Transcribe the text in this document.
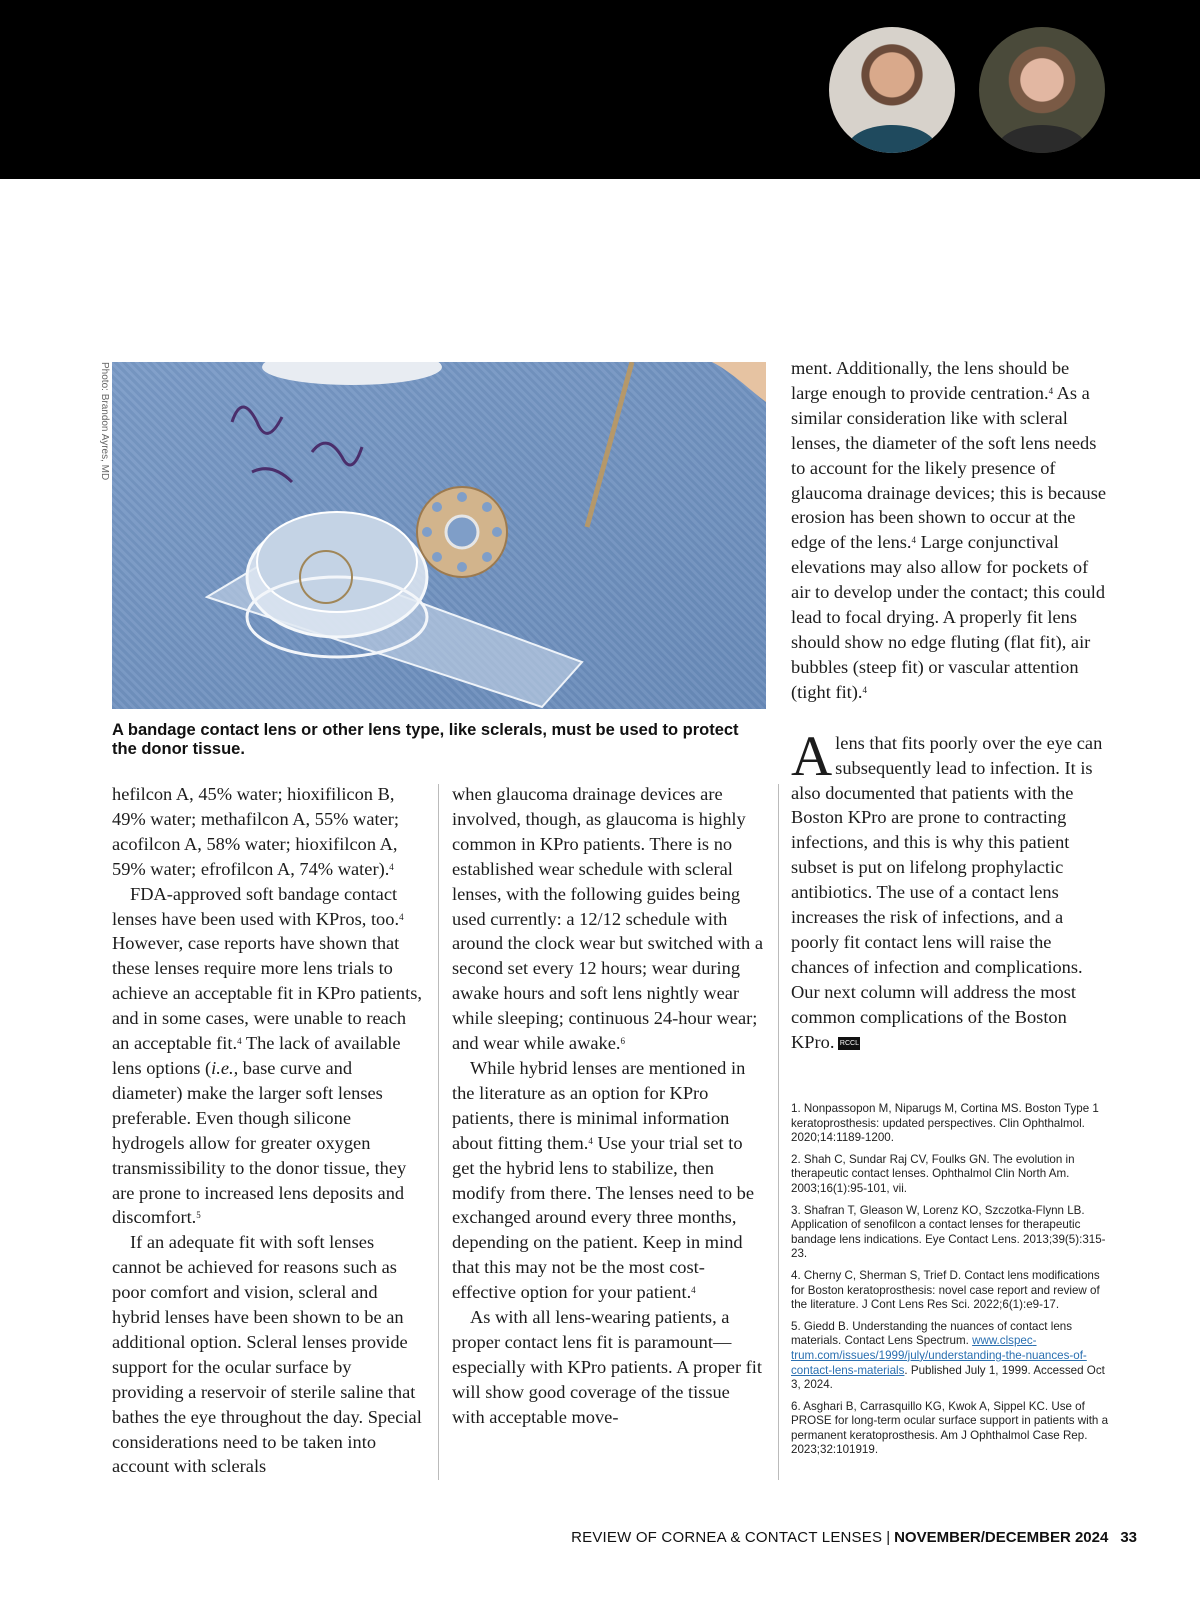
Photo: Brandon Ayres, MD
A bandage contact lens or other lens type, like sclerals, must be used to protect the donor tissue.

hefilcon A, 45% water; hioxifilicon B, 49% water; methafilcon A, 55% water; acofilcon A, 58% water; hioxifilcon A, 59% water; efrofilcon A, 74% water).$^4$

FDA-approved soft bandage contact lenses have been used with KPros, too.$^4$ However, case reports have shown that these lenses require more lens trials to achieve an acceptable fit in KPro patients, and in some cases, were unable to reach an acceptable fit.$^4$ The lack of available lens options (i.e., base curve and diameter) make the larger soft lenses preferable. Even though silicone hydrogels allow for greater oxygen transmissibility to the donor tissue, they are prone to increased lens deposits and discomfort.$^5$

If an adequate fit with soft lenses cannot be achieved for reasons such as poor comfort and vision, scleral and hybrid lenses have been shown to be an additional option. Scleral lenses provide support for the ocular surface by providing a reservoir of sterile saline that bathes the eye throughout the day. Special considerations need to be taken into account with sclerals

when glaucoma drainage devices are involved, though, as glaucoma is highly common in KPro patients. There is no established wear schedule with scleral lenses, with the following guides being used currently: a 12/12 schedule with around the clock wear but switched with a second set every 12 hours; wear during awake hours and soft lens nightly wear while sleeping; continuous 24-hour wear; and wear while awake.$^6$

While hybrid lenses are mentioned in the literature as an option for KPro patients, there is minimal information about fitting them.$^4$ Use your trial set to get the hybrid lens to stabilize, then modify from there. The lenses need to be exchanged around every three months, depending on the patient. Keep in mind that this may not be the most cost-effective option for your patient.$^4$

As with all lens-wearing patients, a proper contact lens fit is paramount—especially with KPro patients. A proper fit will show good coverage of the tissue with acceptable move-

ment. Additionally, the lens should be large enough to provide centration.$^4$ As a similar consideration like with scleral lenses, the diameter of the soft lens needs to account for the likely presence of glaucoma drainage devices; this is because erosion has been shown to occur at the edge of the lens.$^4$ Large conjunctival elevations may also allow for pockets of air to develop under the contact; this could lead to focal drying. A properly fit lens should show no edge fluting (flat fit), air bubbles (steep fit) or vascular attention (tight fit).$^4$

A lens that fits poorly over the eye can subsequently lead to infection. It is also documented that patients with the Boston KPro are prone to contracting infections, and this is why this patient subset is put on lifelong prophylactic antibiotics. The use of a contact lens increases the risk of infections, and a poorly fit contact lens will raise the chances of infection and complications. Our next column will address the most common complications of the Boston KPro. RCCL

1. Nonpassopon M, Niparugs M, Cortina MS. Boston Type 1 keratoprosthesis: updated perspectives. Clin Ophthalmol. 2020;14:1189-1200.

2. Shah C, Sundar Raj CV, Foulks GN. The evolution in therapeutic contact lenses. Ophthalmol Clin North Am. 2003;16(1):95-101, vii.

3. Shafran T, Gleason W, Lorenz KO, Szczotka-Flynn LB. Application of senofilcon a contact lenses for therapeutic bandage lens indications. Eye Contact Lens. 2013;39(5):315-23.

4. Cherny C, Sherman S, Trief D. Contact lens modifications for Boston keratoprosthesis: novel case report and review of the literature. J Cont Lens Res Sci. 2022;6(1):e9-17.

5. Giedd B. Understanding the nuances of contact lens materials. Contact Lens Spectrum. www.clspectrum.com/issues/1999/july/understanding-the-nuances-of-contact-lens-materials. Published July 1, 1999. Accessed Oct 3, 2024.

6. Asghari B, Carrasquillo KG, Kwok A, Sippel KC. Use of PROSE for long-term ocular surface support in patients with a permanent keratoprosthesis. Am J Ophthalmol Case Rep. 2023;32:101919.

REVIEW OF CORNEA & CONTACT LENSES | NOVEMBER/DECEMBER 2024 33
